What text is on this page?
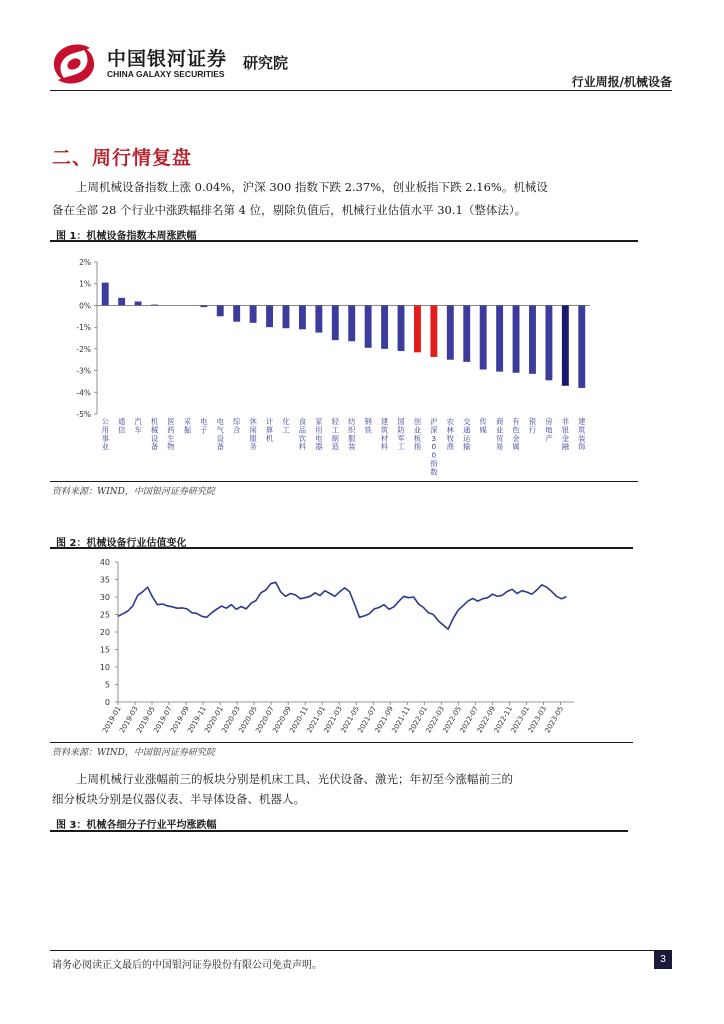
中国银河证券
CHINA GALAXY SECURITIES
研究院
行业周报/机械设备
二、周行情复盘

上周机械设备指数上涨 0.04%，沪深 300 指数下跌 2.37%，创业板指下跌 2.16%。机械设

备在全部 28 个行业中涨跌幅排名第 4 位，剔除负值后，机械行业估值水平 30.1（整体法）。

图 1：机械设备指数本周涨跌幅
2%
1%
0%
-1%
-2%
-3%
-4%
-5%
公用事业
通信
汽车
机械设备
医药生物
采掘
电子
电气设备
综合
休闲服务
计算机
化工
食品饮料
家用电器
轻工制造
纺织服装
钢铁
建筑材料
国防军工
创业板指
沪深 3 0 0 指数
农林牧渔
交通运输
传媒
商业贸易
有色金属
银行
房地产
非银金融
建筑装饰
资料来源：WIND，中国银河证券研究院
图 2：机械设备行业估值变化
40
35
30
25
20
15
10
5
0
2019-01
2019-03
2019-05
2019-07
2019-09
2019-11
2020-01
2020-03
2020-05
2020-07
2020-09
2020-11
2021-01
2021-03
2021-05
2021-07
2021-09
2021-11
2022-01
2022-03
2022-05
2022-07
2022-09
2022-11
2023-01
2023-03
2023-05
资料来源：WIND，中国银河证券研究院

上周机械行业涨幅前三的板块分别是机床工具、光伏设备、激光；年初至今涨幅前三的

细分板块分别是仪器仪表、半导体设备、机器人。

图 3：机械各细分子行业平均涨跌幅
请务必阅读正文最后的中国银河证券股份有限公司免责声明。
3
